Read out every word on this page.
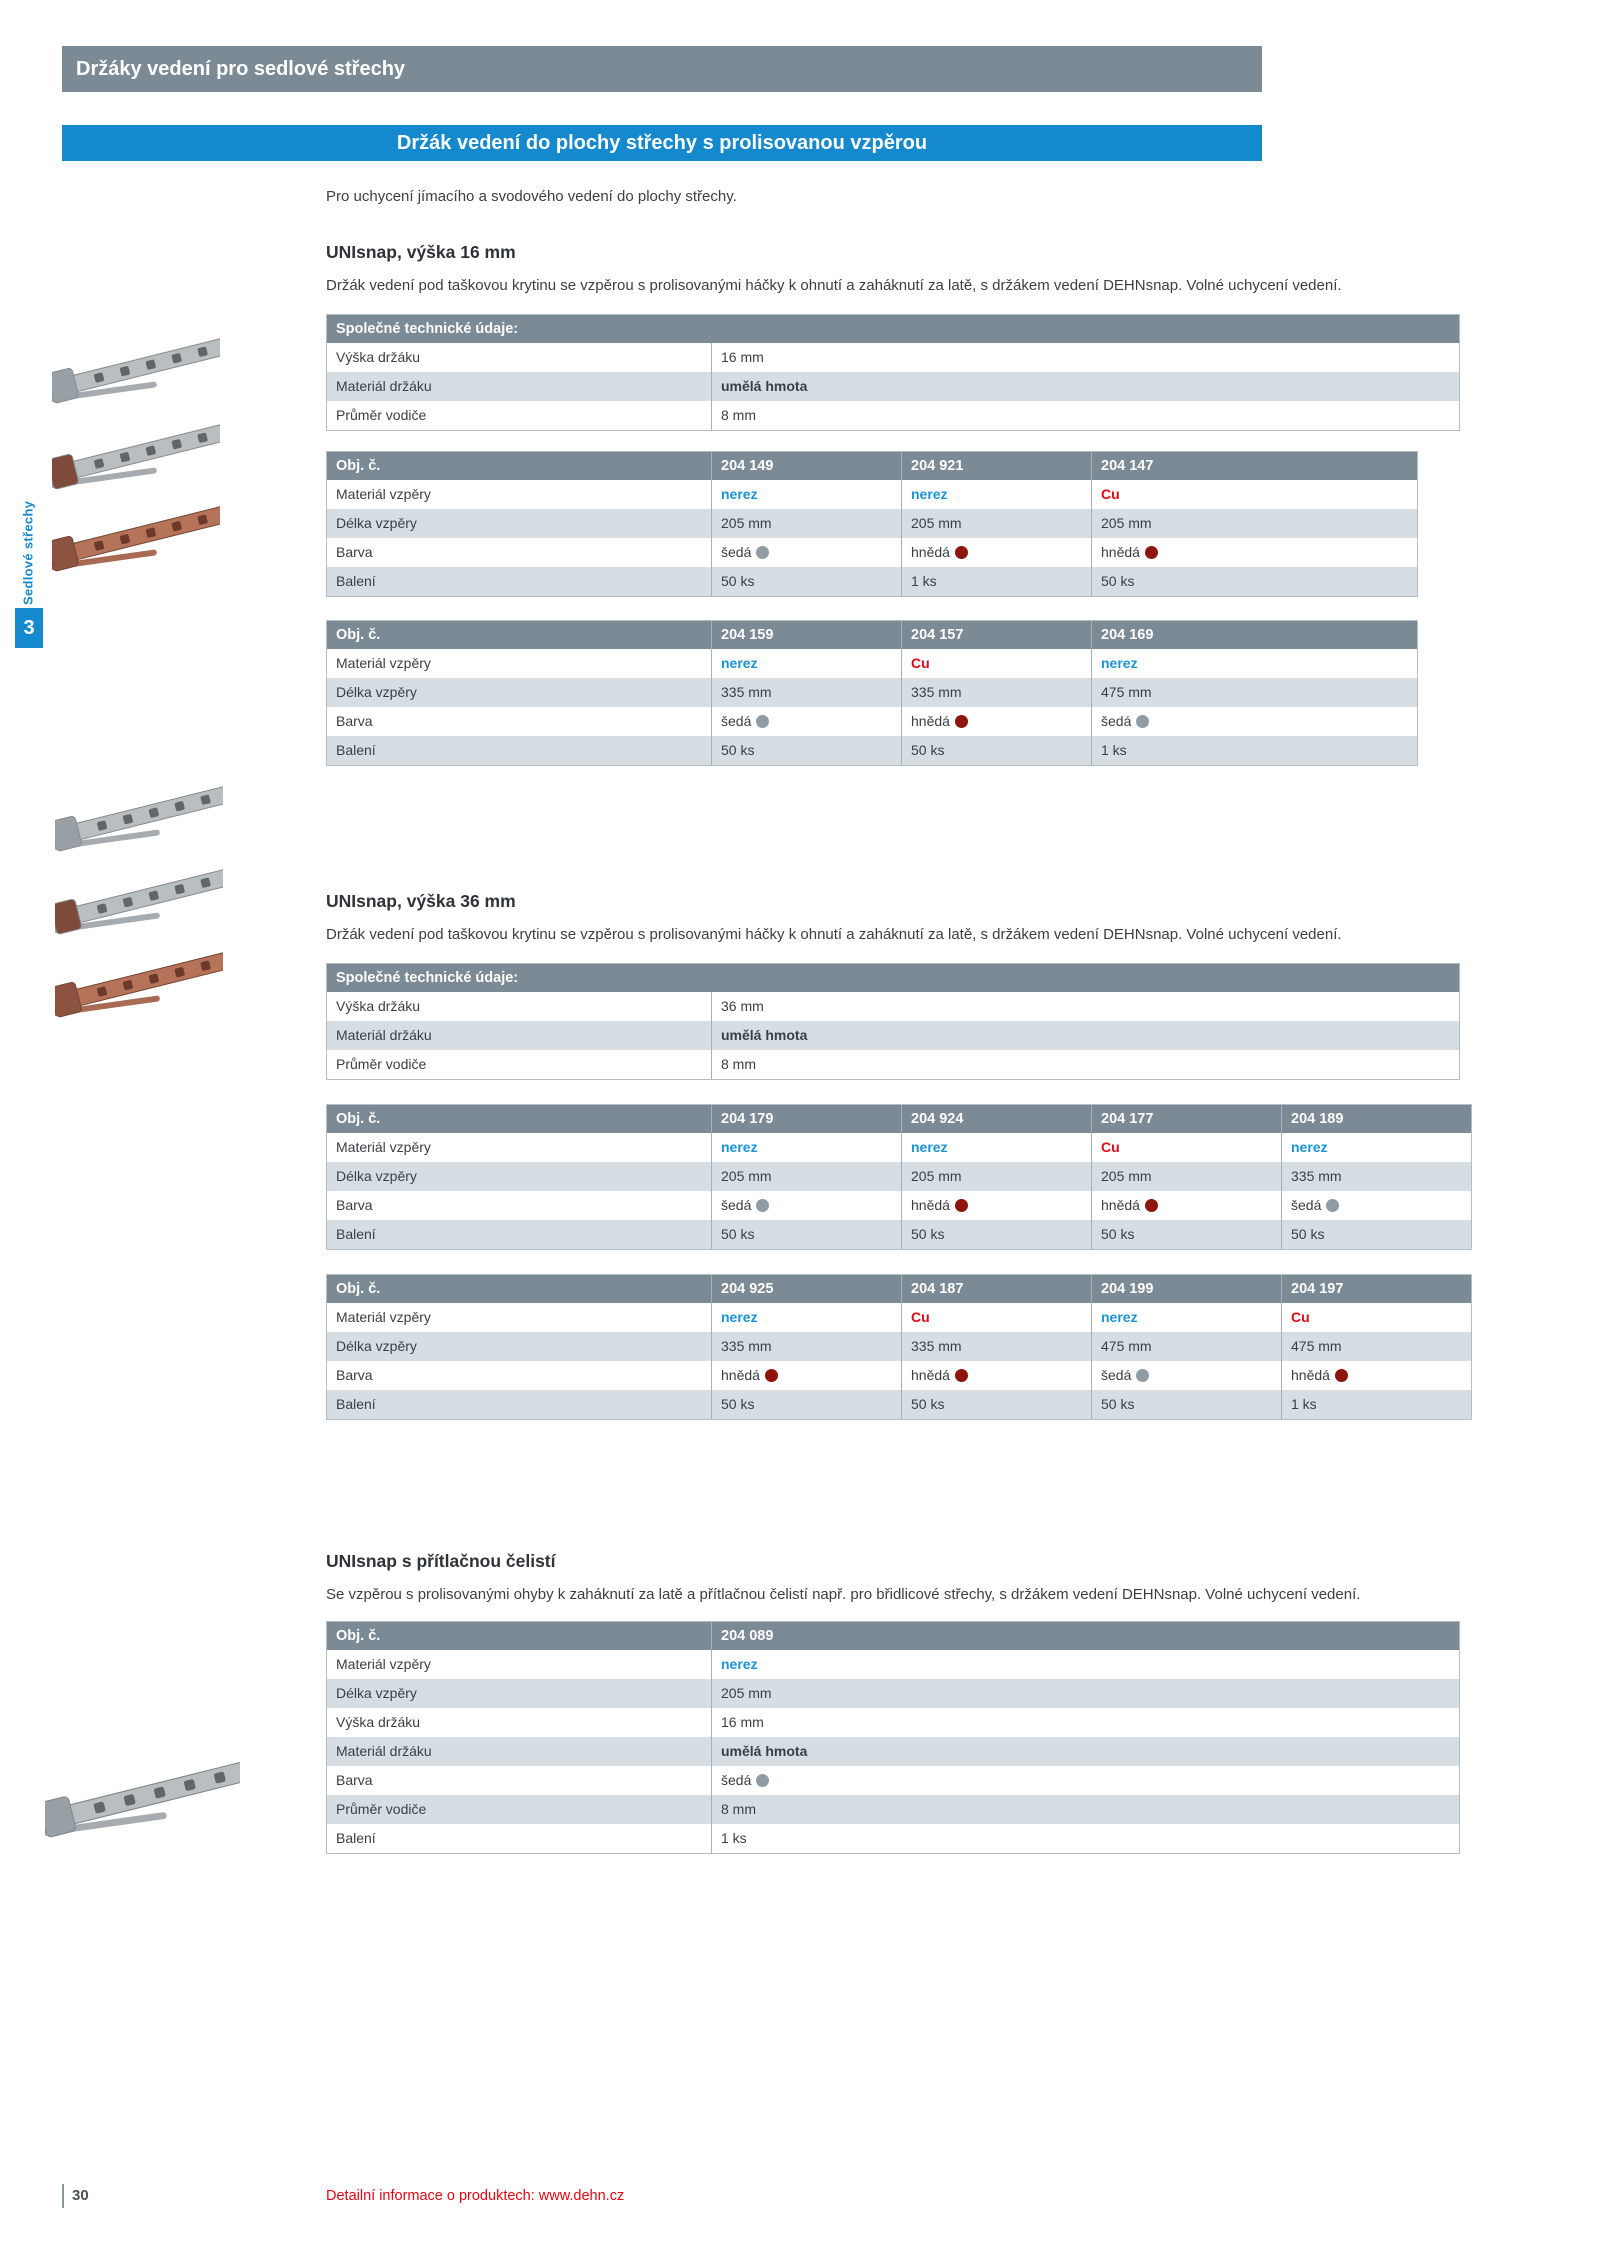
Držáky vedení pro sedlové střechy
Držák vedení do plochy střechy s prolisovanou vzpěrou

Pro uchycení jímacího a svodového vedení do plochy střechy.

UNIsnap, výška 16 mm

Držák vedení pod taškovou krytinu se vzpěrou s prolisovanými háčky k ohnutí a zaháknutí za latě, s držákem vedení DEHNsnap. Volné uchycení vedení.

Společné technické údaje:
Výška držáku	16 mm
Materiál držáku	umělá hmota
Průměr vodiče	8 mm
Obj. č.	204 149	204 921	204 147
Materiál vzpěry	nerez	nerez	Cu
Délka vzpěry	205 mm	205 mm	205 mm
Barva	šedá	hnědá	hnědá
Balení	50 ks	1 ks	50 ks
Obj. č.	204 159	204 157	204 169
Materiál vzpěry	nerez	Cu	nerez
Délka vzpěry	335 mm	335 mm	475 mm
Barva	šedá	hnědá	šedá
Balení	50 ks	50 ks	1 ks
UNIsnap, výška 36 mm

Držák vedení pod taškovou krytinu se vzpěrou s prolisovanými háčky k ohnutí a zaháknutí za latě, s držákem vedení DEHNsnap. Volné uchycení vedení.

Společné technické údaje:
Výška držáku	36 mm
Materiál držáku	umělá hmota
Průměr vodiče	8 mm
Obj. č.	204 179	204 924	204 177	204 189
Materiál vzpěry	nerez	nerez	Cu	nerez
Délka vzpěry	205 mm	205 mm	205 mm	335 mm
Barva	šedá	hnědá	hnědá	šedá
Balení	50 ks	50 ks	50 ks	50 ks
Obj. č.	204 925	204 187	204 199	204 197
Materiál vzpěry	nerez	Cu	nerez	Cu
Délka vzpěry	335 mm	335 mm	475 mm	475 mm
Barva	hnědá	hnědá	šedá	hnědá
Balení	50 ks	50 ks	50 ks	1 ks
UNIsnap s přítlačnou čelistí

Se vzpěrou s prolisovanými ohyby k zaháknutí za latě a přítlačnou čelistí např. pro břidlicové střechy, s držákem vedení DEHNsnap. Volné uchycení vedení.

Obj. č.	204 089
Materiál vzpěry	nerez
Délka vzpěry	205 mm
Výška držáku	16 mm
Materiál držáku	umělá hmota
Barva	šedá
Průměr vodiče	8 mm
Balení	1 ks
Sedlové střechy
3
30	Detailní informace o produktech: www.dehn.cz
